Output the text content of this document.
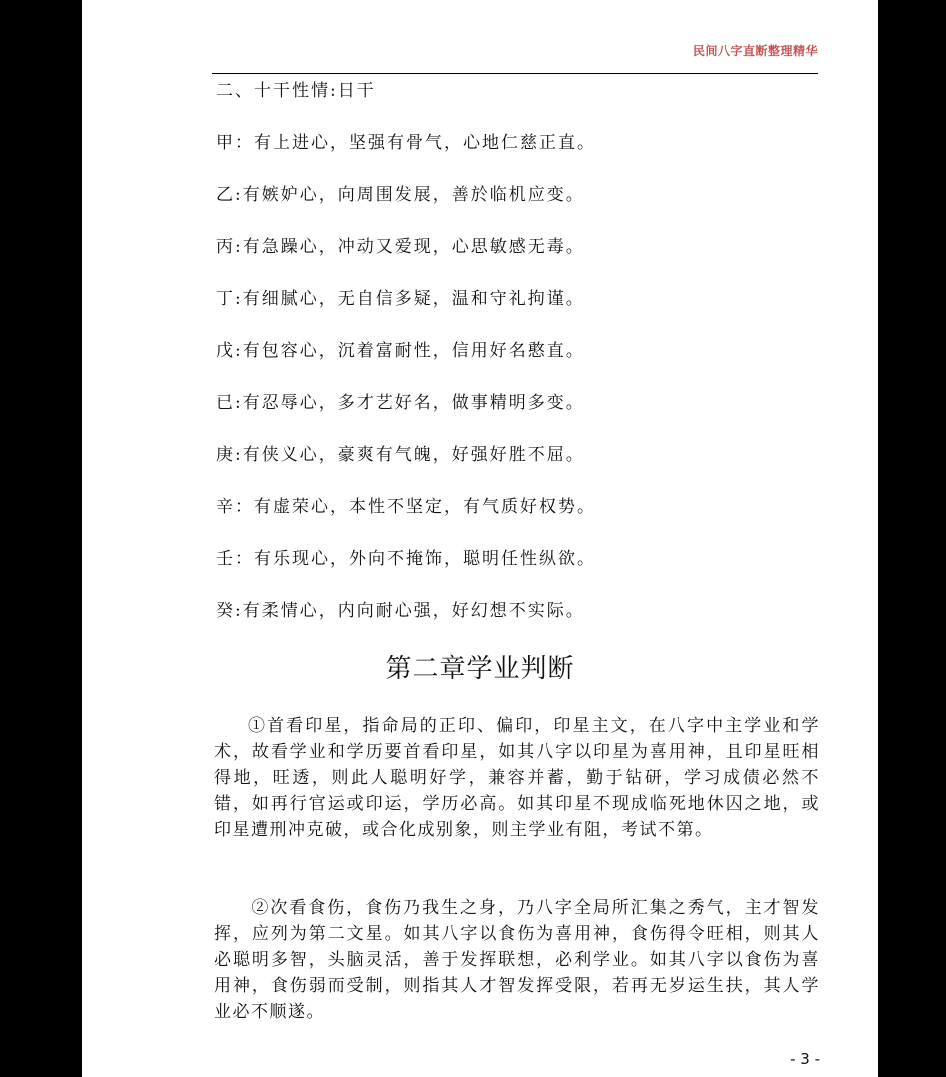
民间八字直断整理精华
二、十干性情:日干
甲：有上进心，坚强有骨气，心地仁慈正直。
乙:有嫉妒心，向周围发展，善於临机应变。
丙:有急躁心，冲动又爱现，心思敏感无毒。
丁:有细腻心，无自信多疑，温和守礼拘谨。
戊:有包容心，沉着富耐性，信用好名憨直。
已:有忍辱心，多才艺好名，做事精明多变。
庚:有侠义心，豪爽有气魄，好强好胜不屈。
辛：有虚荣心，本性不坚定，有气质好权势。
壬：有乐现心，外向不掩饰，聪明任性纵欲。
癸:有柔情心，内向耐心强，好幻想不实际。
第二章学业判断
①首看印星，指命局的正印、偏印，印星主文，在八字中主学业和学术，故看学业和学历要首看印星，如其八字以印星为喜用神，且印星旺相得地，旺透，则此人聪明好学，兼容并蓄，勤于钻研，学习成债必然不错，如再行官运或印运，学历必高。如其印星不现成临死地休囚之地，或印星遭刑冲克破，或合化成别象，则主学业有阻，考试不第。
②次看食伤，食伤乃我生之身，乃八字全局所汇集之秀气，主才智发挥，应列为第二文星。如其八字以食伤为喜用神，食伤得令旺相，则其人必聪明多智，头脑灵活，善于发挥联想，必利学业。如其八字以食伤为喜用神，食伤弱而受制，则指其人才智发挥受限，若再无岁运生扶，其人学业必不顺遂。
- 3 -
